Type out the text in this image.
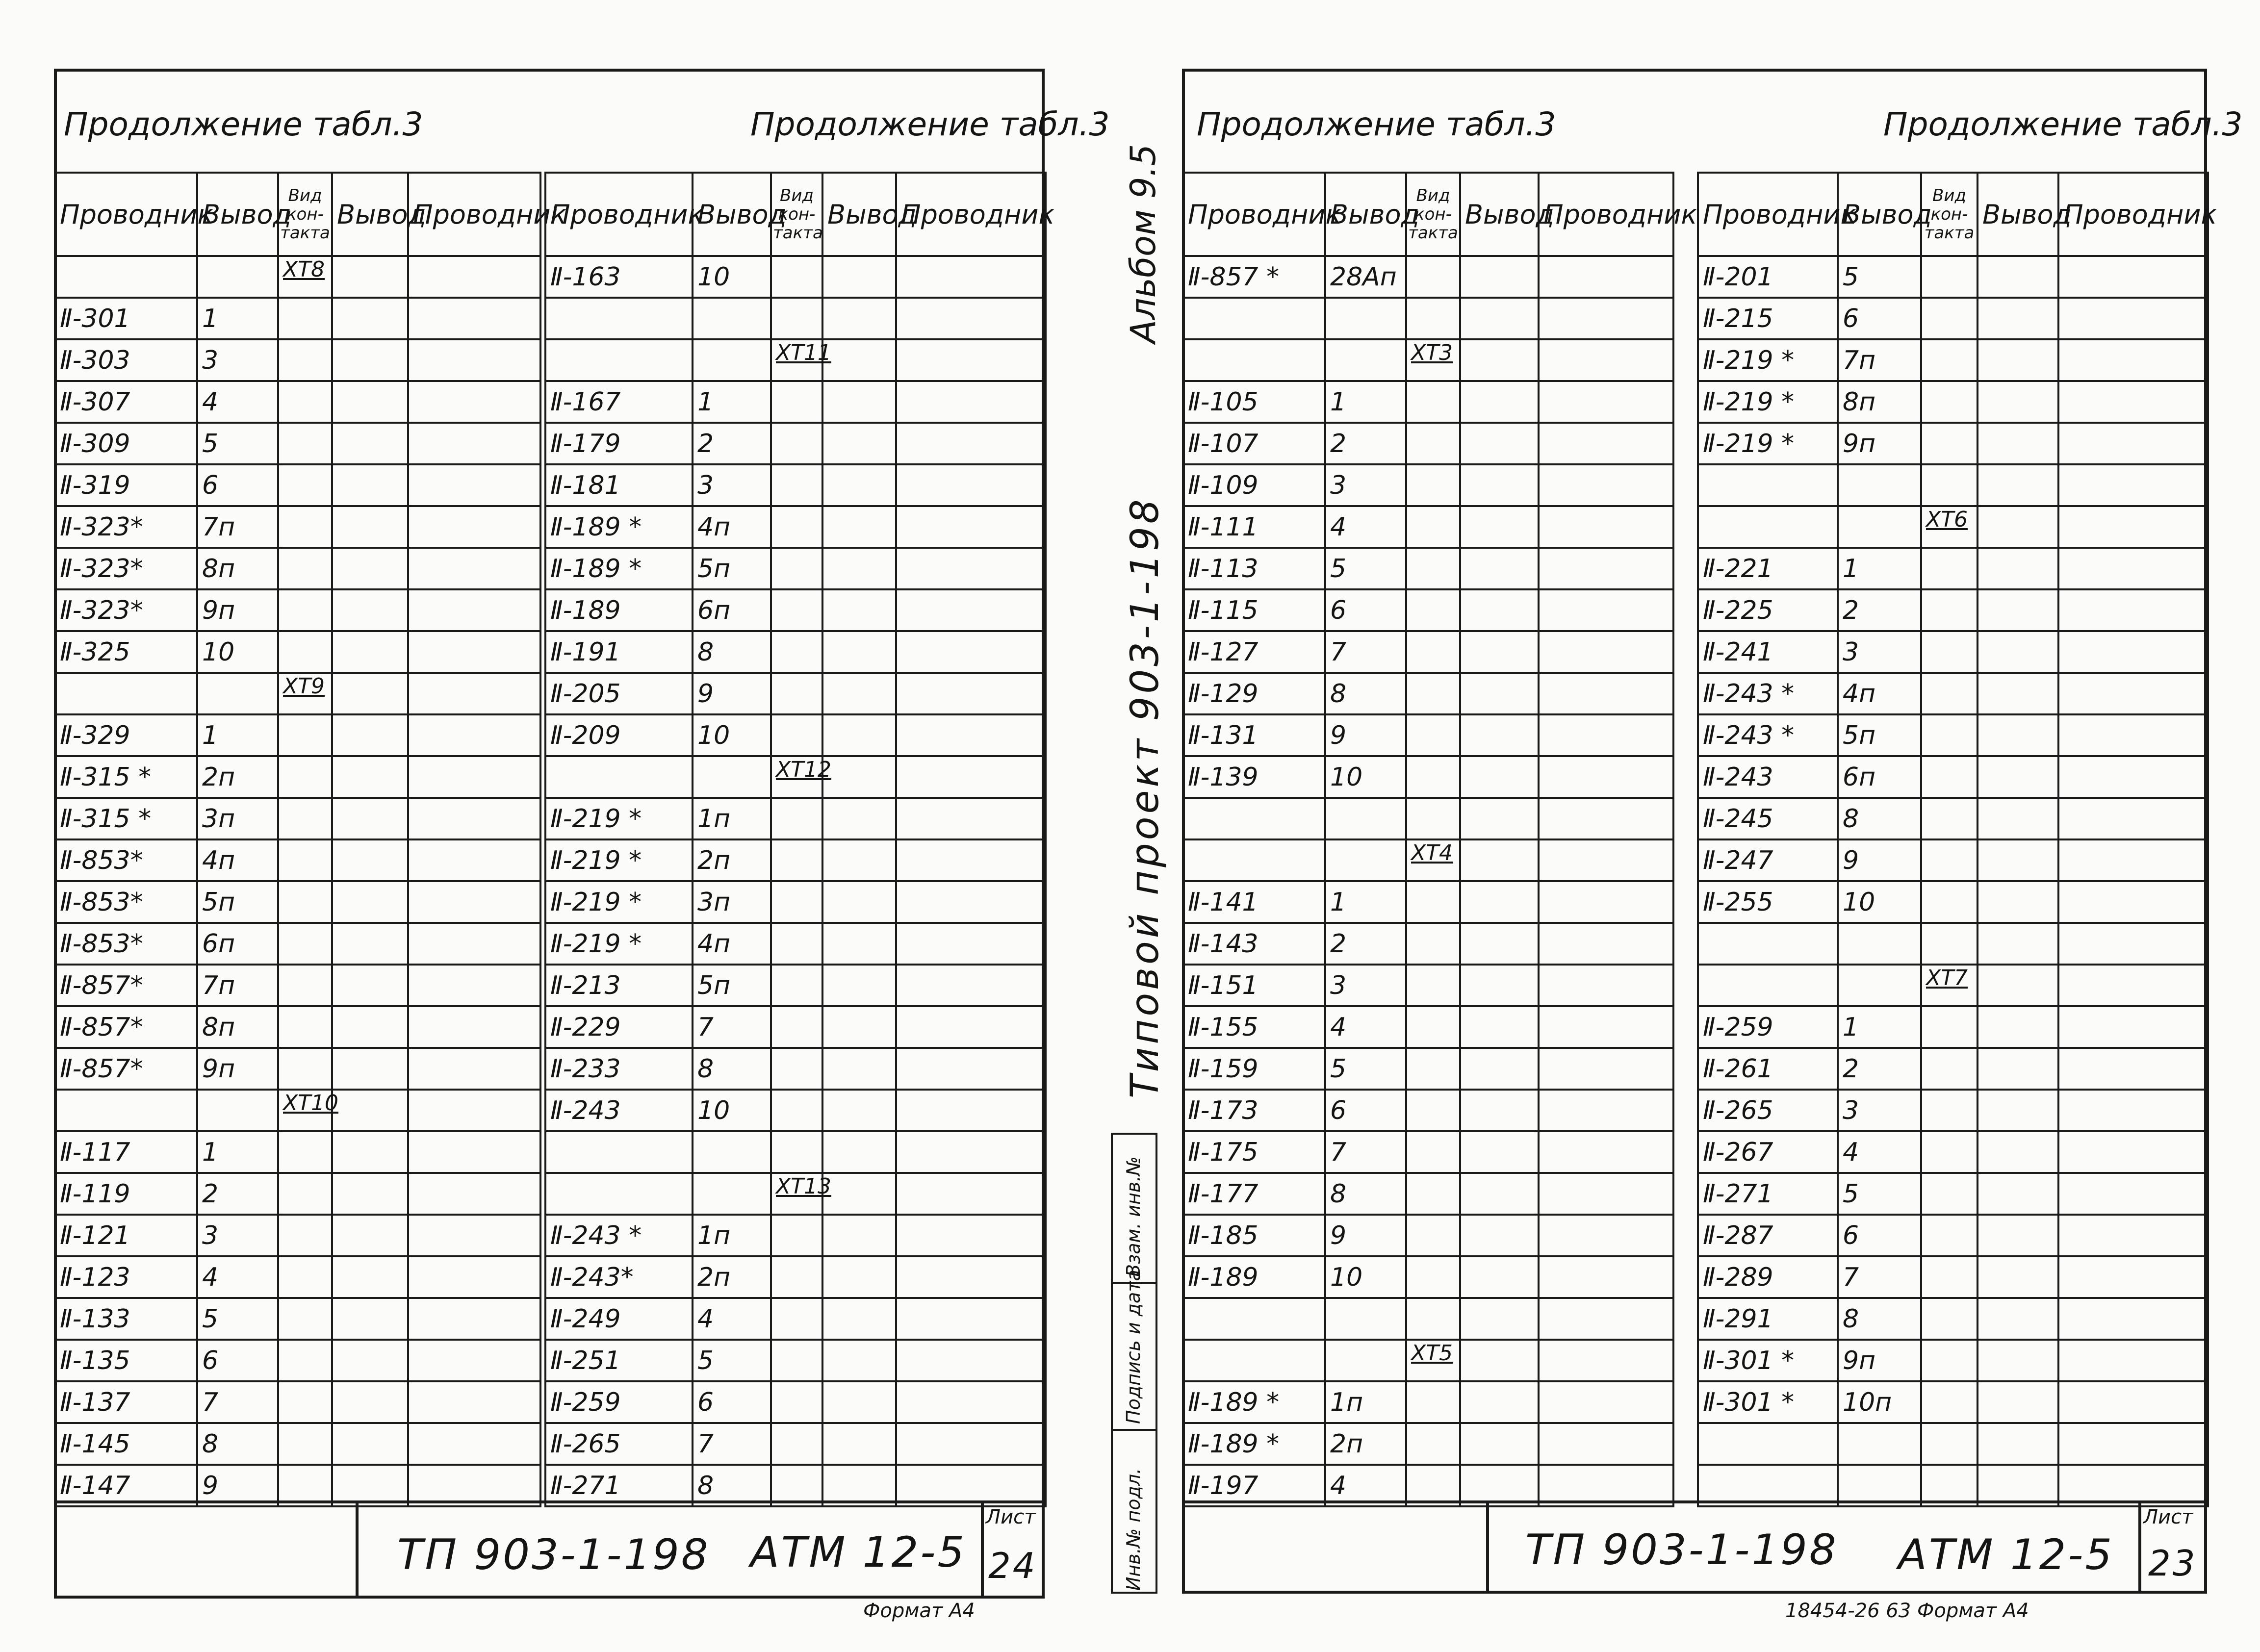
Продолжение табл.3	Продолжение табл.3
Проводник	Вывод	Вид кон-такта	Вывод	Проводник
		XT8		
Ⅱ-301	1			
Ⅱ-303	3			
Ⅱ-307	4			
Ⅱ-309	5			
Ⅱ-319	6			
Ⅱ-323*	7п			
Ⅱ-323*	8п			
Ⅱ-323*	9п			
Ⅱ-325	10			
		XT9		
Ⅱ-329	1			
Ⅱ-315 *	2п			
Ⅱ-315 *	3п			
Ⅱ-853*	4п			
Ⅱ-853*	5п			
Ⅱ-853*	6п			
Ⅱ-857*	7п			
Ⅱ-857*	8п			
Ⅱ-857*	9п			
		XT10		
Ⅱ-117	1			
Ⅱ-119	2			
Ⅱ-121	3			
Ⅱ-123	4			
Ⅱ-133	5			
Ⅱ-135	6			
Ⅱ-137	7			
Ⅱ-145	8			
Ⅱ-147	9			
Проводник	Вывод	Вид кон-такта	Вывод	Проводник
Ⅱ-163	10			

		XT11		
Ⅱ-167	1			
Ⅱ-179	2			
Ⅱ-181	3			
Ⅱ-189 *	4п			
Ⅱ-189 *	5п			
Ⅱ-189	6п			
Ⅱ-191	8			
Ⅱ-205	9			
Ⅱ-209	10			
		XT12		
Ⅱ-219 *	1п			
Ⅱ-219 *	2п			
Ⅱ-219 *	3п			
Ⅱ-219 *	4п			
Ⅱ-213	5п			
Ⅱ-229	7			
Ⅱ-233	8			
Ⅱ-243	10			

		XT13		
Ⅱ-243 *	1п			
Ⅱ-243*	2п			
Ⅱ-249	4			
Ⅱ-251	5			
Ⅱ-259	6			
Ⅱ-265	7			
Ⅱ-271	8			
ТП 903-1-198 АТМ 12-5
Лист
24
Формат А4
Альбом 9.5
Типовой проект 903-1-198
Инв.№ подл.
Подпись и дата
Взам. инв.№
Продолжение табл.3	Продолжение табл.3
Проводник	Вывод	Вид кон-такта	Вывод	Проводник
Ⅱ-857 *	28Ап			

		XT3		
Ⅱ-105	1			
Ⅱ-107	2			
Ⅱ-109	3			
Ⅱ-111	4			
Ⅱ-113	5			
Ⅱ-115	6			
Ⅱ-127	7			
Ⅱ-129	8			
Ⅱ-131	9			
Ⅱ-139	10			

		XT4		
Ⅱ-141	1			
Ⅱ-143	2			
Ⅱ-151	3			
Ⅱ-155	4			
Ⅱ-159	5			
Ⅱ-173	6			
Ⅱ-175	7			
Ⅱ-177	8			
Ⅱ-185	9			
Ⅱ-189	10			

		XT5		
Ⅱ-189 *	1п			
Ⅱ-189 *	2п			
Ⅱ-197	4			
Проводник	Вывод	Вид кон-такта	Вывод	Проводник
Ⅱ-201	5			
Ⅱ-215	6			
Ⅱ-219 *	7п			
Ⅱ-219 *	8п			
Ⅱ-219 *	9п			

		XT6		
Ⅱ-221	1			
Ⅱ-225	2			
Ⅱ-241	3			
Ⅱ-243 *	4п			
Ⅱ-243 *	5п			
Ⅱ-243	6п			
Ⅱ-245	8			
Ⅱ-247	9			
Ⅱ-255	10			

		XT7		
Ⅱ-259	1			
Ⅱ-261	2			
Ⅱ-265	3			
Ⅱ-267	4			
Ⅱ-271	5			
Ⅱ-287	6			
Ⅱ-289	7			
Ⅱ-291	8			
Ⅱ-301 *	9п			
Ⅱ-301 *	10п			

ТП 903-1-198 АТМ 12-5
Лист
23
18454-26 63 Формат А4
